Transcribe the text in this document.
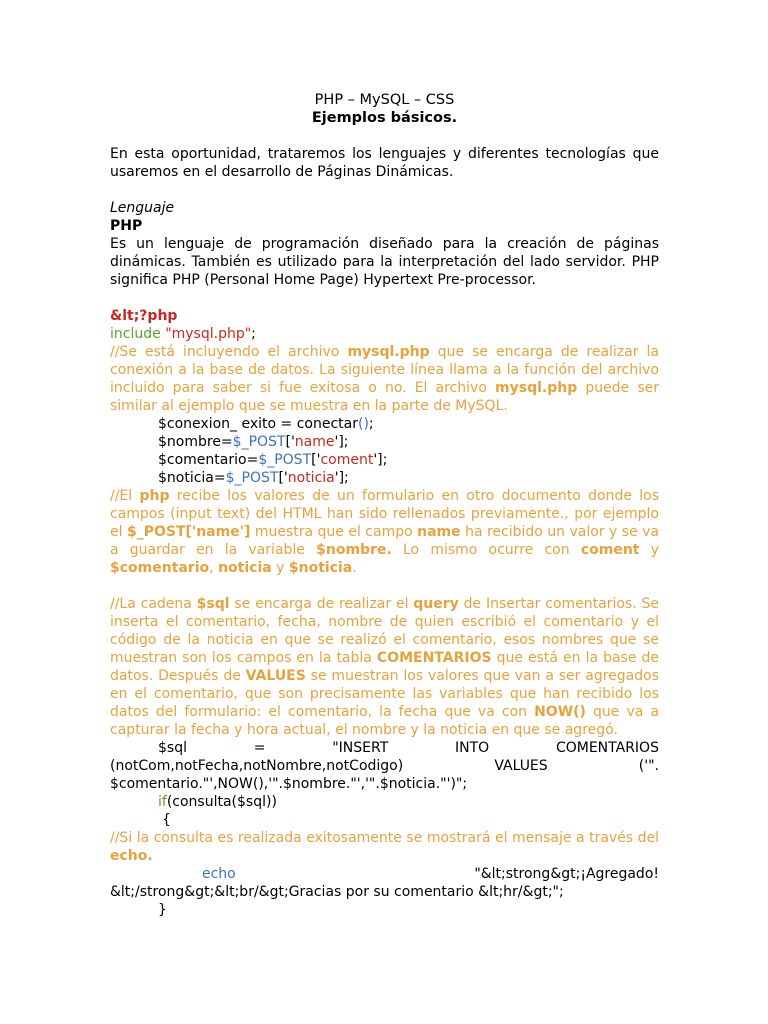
PHP – MySQL – CSS
Ejemplos básicos.
En esta oportunidad, trataremos los lenguajes y diferentes tecnologías que usaremos en el desarrollo de Páginas Dinámicas.
Lenguaje
PHP
Es un lenguaje de programación diseñado para la creación de páginas dinámicas. También es utilizado para la interpretación del lado servidor. PHP significa PHP (Personal Home Page) Hypertext Pre-processor.
&lt;?php
include "mysql.php";
//Se está incluyendo el archivo mysql.php que se encarga de realizar la conexión a la base de datos. La siguiente línea llama a la función del archivo incluido para saber si fue exitosa o no. El archivo mysql.php puede ser similar al ejemplo que se muestra en la parte de MySQL.
$conexion_ exito = conectar();
$nombre=$_POST['name'];
$comentario=$_POST['coment'];
$noticia=$_POST['noticia'];
//El php recibe los valores de un formulario en otro documento donde los campos (input text) del HTML han sido rellenados previamente., por ejemplo el $_POST['name'] muestra que el campo name ha recibido un valor y se va a guardar en la variable $nombre. Lo mismo ocurre con coment y $comentario, noticia y $noticia.
//La cadena $sql se encarga de realizar el query de Insertar comentarios. Se inserta el comentario, fecha, nombre de quien escribió el comentario y el código de la noticia en que se realizó el comentario, esos nombres que se muestran son los campos en la tabla COMENTARIOS que está en la base de datos. Después de VALUES se muestran los valores que van a ser agregados en el comentario, que son precisamente las variables que han recibido los datos del formulario: el comentario, la fecha que va con NOW() que va a capturar la fecha y hora actual, el nombre y la noticia en que se agregó.
$sql	=	"INSERT	INTO	COMENTARIOS
(notCom,notFecha,notNombre,notCodigo)	VALUES	('".
$comentario."',NOW(),'".$nombre."','".$noticia."')";
if(consulta($sql))
{
//Si la consulta es realizada exitosamente se mostrará el mensaje a través del echo.
echo	"&lt;strong&gt;¡Agregado!
&lt;/strong&gt;&lt;br/&gt;Gracias por su comentario &lt;hr/&gt;";
}
